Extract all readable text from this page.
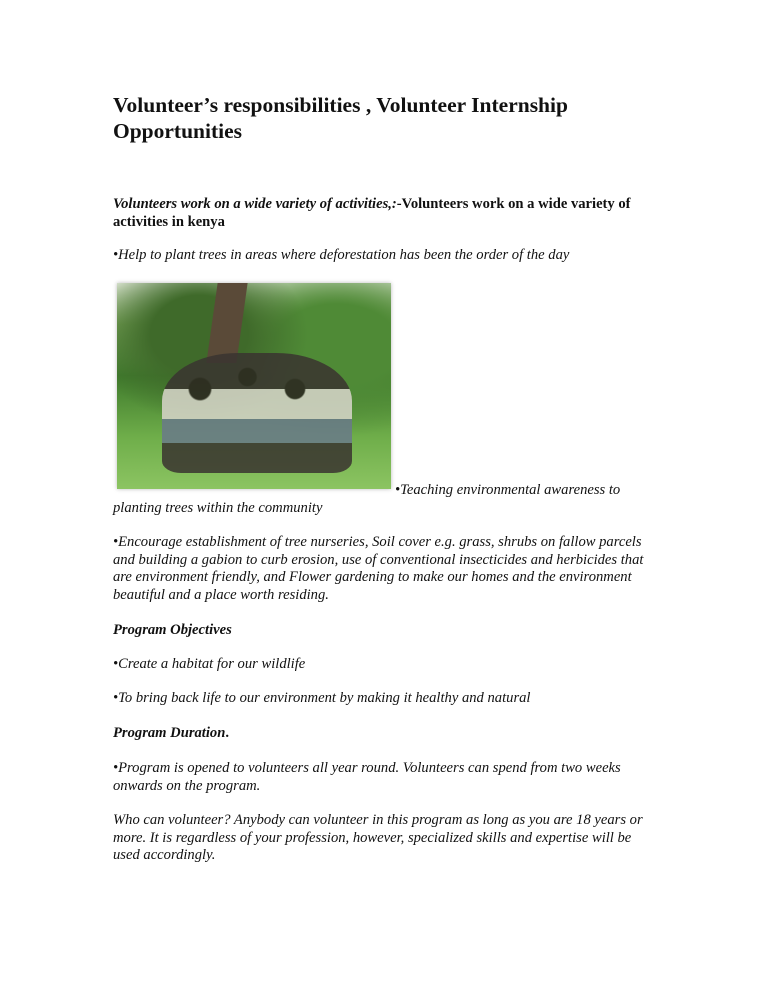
Volunteer’s responsibilities , Volunteer Internship Opportunities
Volunteers work on a wide variety of activities,:-Volunteers work on a wide variety of activities in kenya
•Help to plant trees in areas where deforestation has been the order of the day
•Teaching environmental awareness to
planting trees within the community
•Encourage establishment of tree nurseries, Soil cover e.g. grass, shrubs on fallow parcels and building a gabion to curb erosion, use of conventional insecticides and herbicides that are environment friendly, and Flower gardening to make our homes and the environment beautiful and a place worth residing.
Program Objectives
•Create a habitat for our wildlife
•To bring back life to our environment by making it healthy and natural
Program Duration.
•Program is opened to volunteers all year round. Volunteers can spend from two weeks onwards on the program.
Who can volunteer? Anybody can volunteer in this program as long as you are 18 years or more. It is regardless of your profession, however, specialized skills and expertise will be used accordingly.
